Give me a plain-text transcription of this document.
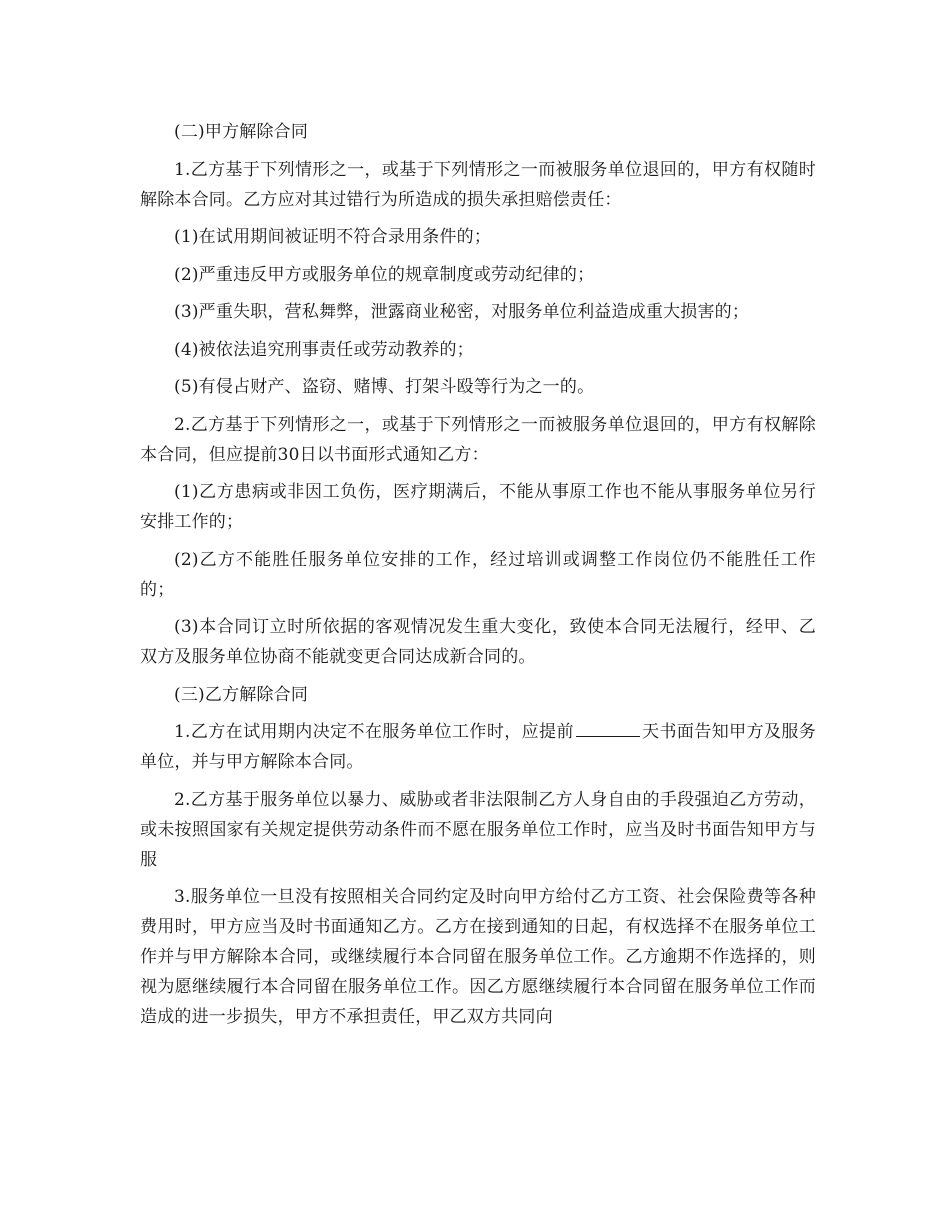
(二)甲方解除合同

1.乙方基于下列情形之一，或基于下列情形之一而被服务单位退回的，甲方有权随时解除本合同。乙方应对其过错行为所造成的损失承担赔偿责任：

(1)在试用期间被证明不符合录用条件的；

(2)严重违反甲方或服务单位的规章制度或劳动纪律的；

(3)严重失职，营私舞弊，泄露商业秘密，对服务单位利益造成重大损害的；

(4)被依法追究刑事责任或劳动教养的；

(5)有侵占财产、盗窃、赌博、打架斗殴等行为之一的。

2.乙方基于下列情形之一，或基于下列情形之一而被服务单位退回的，甲方有权解除本合同，但应提前30日以书面形式通知乙方：

(1)乙方患病或非因工负伤，医疗期满后，不能从事原工作也不能从事服务单位另行安排工作的；

(2)乙方不能胜任服务单位安排的工作，经过培训或调整工作岗位仍不能胜任工作的；

(3)本合同订立时所依据的客观情况发生重大变化，致使本合同无法履行，经甲、乙双方及服务单位协商不能就变更合同达成新合同的。

(三)乙方解除合同

1.乙方在试用期内决定不在服务单位工作时，应提前	天书面告知甲方及服务单位，并与甲方解除本合同。

2.乙方基于服务单位以暴力、威胁或者非法限制乙方人身自由的手段强迫乙方劳动，或未按照国家有关规定提供劳动条件而不愿在服务单位工作时，应当及时书面告知甲方与服

3.服务单位一旦没有按照相关合同约定及时向甲方给付乙方工资、社会保险费等各种费用时，甲方应当及时书面通知乙方。乙方在接到通知的日起，有权选择不在服务单位工作并与甲方解除本合同，或继续履行本合同留在服务单位工作。乙方逾期不作选择的，则视为愿继续履行本合同留在服务单位工作。因乙方愿继续履行本合同留在服务单位工作而造成的进一步损失，甲方不承担责任，甲乙双方共同向
